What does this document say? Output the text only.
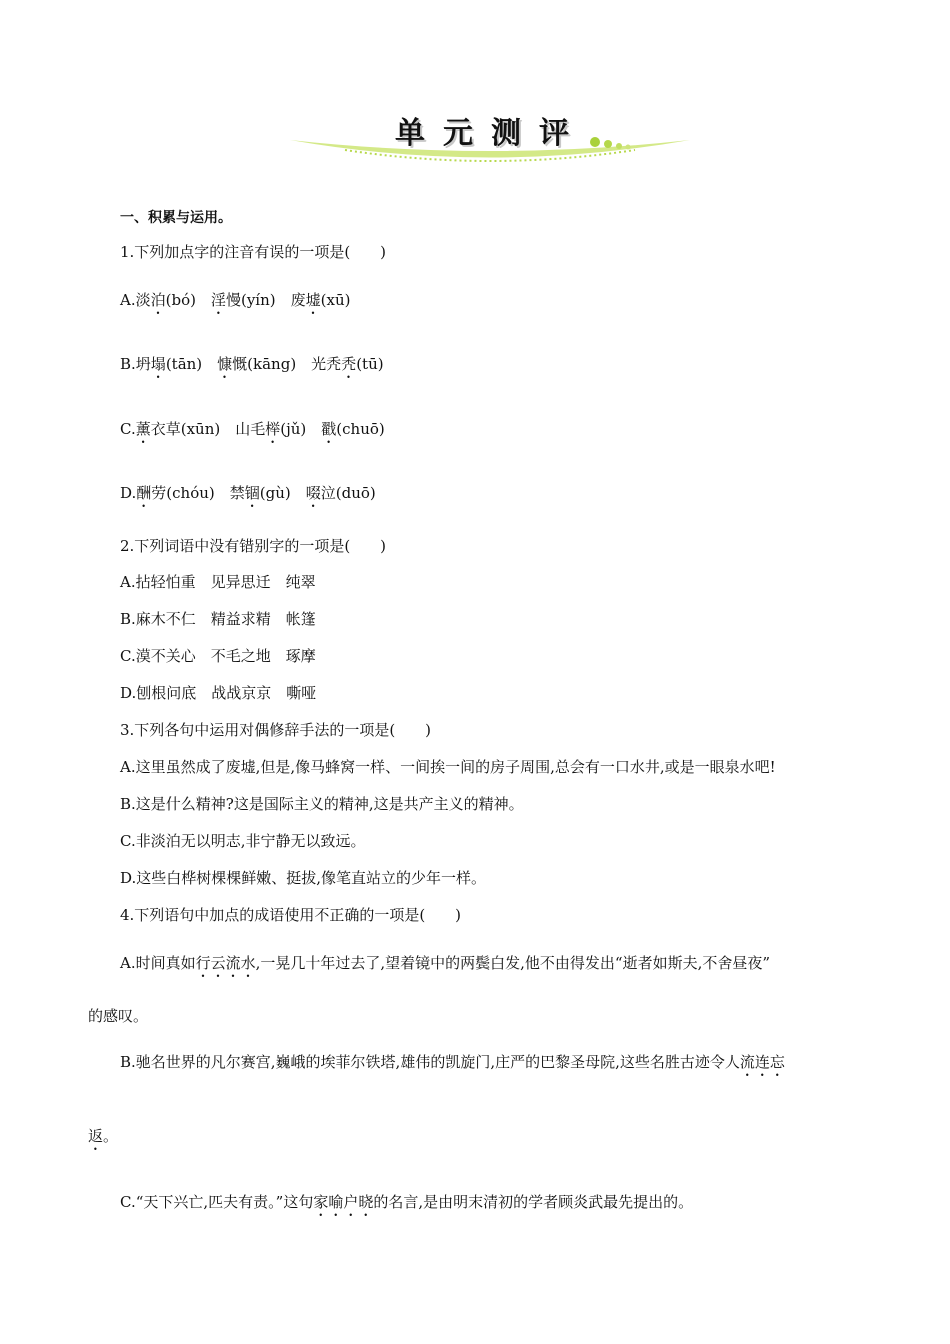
单元测评
一、积累与运用。
1.下列加点字的注音有误的一项是(　　)
A.淡泊(bó)　淫慢(yín)　废墟(xū)
B.坍塌(tān)　慷慨(kāng)　光秃秃(tū)
C.薰衣草(xūn)　山毛榉(jǔ)　戳(chuō)
D.酬劳(chóu)　禁锢(gù)　啜泣(duō)
2.下列词语中没有错别字的一项是(　　)
A.拈轻怕重　见异思迁　纯翠
B.麻木不仁　精益求精　帐篷
C.漠不关心　不毛之地　琢摩
D.刨根问底　战战京京　嘶哑
3.下列各句中运用对偶修辞手法的一项是(　　)
A.这里虽然成了废墟,但是,像马蜂窝一样、一间挨一间的房子周围,总会有一口水井,或是一眼泉水吧!
B.这是什么精神?这是国际主义的精神,这是共产主义的精神。
C.非淡泊无以明志,非宁静无以致远。
D.这些白桦树棵棵鲜嫩、挺拔,像笔直站立的少年一样。
4.下列语句中加点的成语使用不正确的一项是(　　)
A.时间真如行云流水,一晃几十年过去了,望着镜中的两鬓白发,他不由得发出“逝者如斯夫,不舍昼夜”
的感叹。
B.驰名世界的凡尔赛宫,巍峨的埃菲尔铁塔,雄伟的凯旋门,庄严的巴黎圣母院,这些名胜古迹令人流连忘
返。
C.“天下兴亡,匹夫有责。”这句家喻户晓的名言,是由明末清初的学者顾炎武最先提出的。
